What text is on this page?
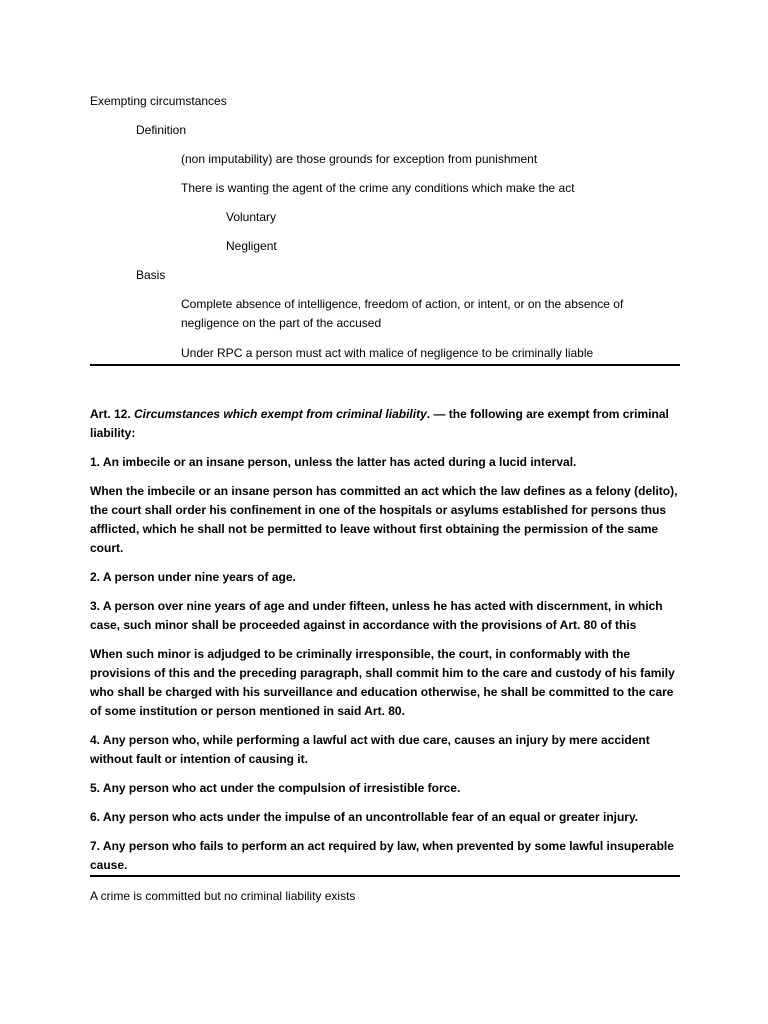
Exempting circumstances
Definition
(non imputability) are those grounds for exception from punishment
There is wanting the agent of the crime any conditions which make the act
Voluntary
Negligent
Basis
Complete absence of intelligence, freedom of action, or intent, or on the absence of negligence on the part of the accused
Under RPC a person must act with malice of negligence to be criminally liable

Art. 12. Circumstances which exempt from criminal liability. — the following are exempt from criminal liability:

1. An imbecile or an insane person, unless the latter has acted during a lucid interval.

When the imbecile or an insane person has committed an act which the law defines as a felony (delito), the court shall order his confinement in one of the hospitals or asylums established for persons thus afflicted, which he shall not be permitted to leave without first obtaining the permission of the same court.

2. A person under nine years of age.

3. A person over nine years of age and under fifteen, unless he has acted with discernment, in which case, such minor shall be proceeded against in accordance with the provisions of Art. 80 of this

When such minor is adjudged to be criminally irresponsible, the court, in conformably with the provisions of this and the preceding paragraph, shall commit him to the care and custody of his family who shall be charged with his surveillance and education otherwise, he shall be committed to the care of some institution or person mentioned in said Art. 80.

4. Any person who, while performing a lawful act with due care, causes an injury by mere accident without fault or intention of causing it.

5. Any person who act under the compulsion of irresistible force.

6. Any person who acts under the impulse of an uncontrollable fear of an equal or greater injury.

7. Any person who fails to perform an act required by law, when prevented by some lawful insuperable cause.

A crime is committed but no criminal liability exists
